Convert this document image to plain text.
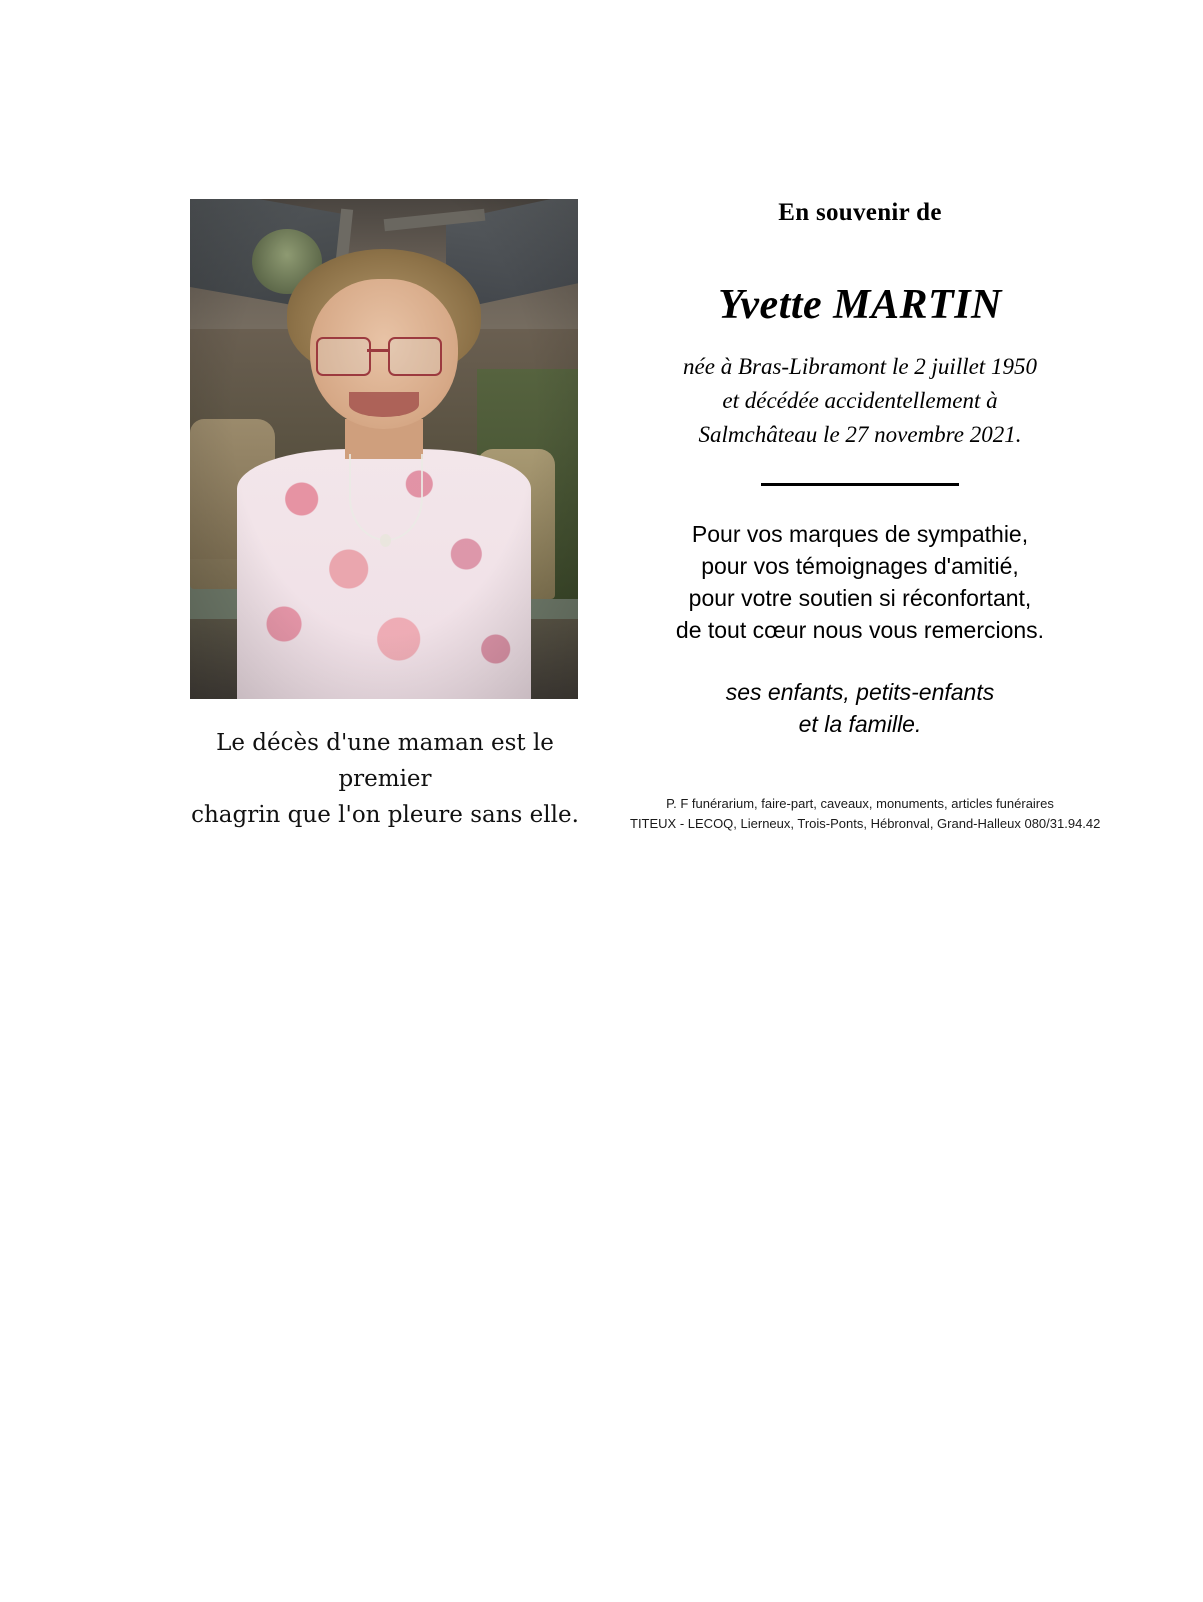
Le décès d'une maman est le premier
chagrin que l'on pleure sans elle.
En souvenir de
Yvette MARTIN
née à Bras-Libramont le 2 juillet 1950
et décédée accidentellement à
Salmchâteau le 27 novembre 2021.
Pour vos marques de sympathie,
pour vos témoignages d'amitié,
pour votre soutien si réconfortant,
de tout cœur nous vous remercions.
ses enfants, petits-enfants
et la famille.
P. F funérarium, faire-part, caveaux, monuments, articles funéraires
TITEUX - LECOQ, Lierneux, Trois-Ponts, Hébronval, Grand-Halleux 080/31.94.42
